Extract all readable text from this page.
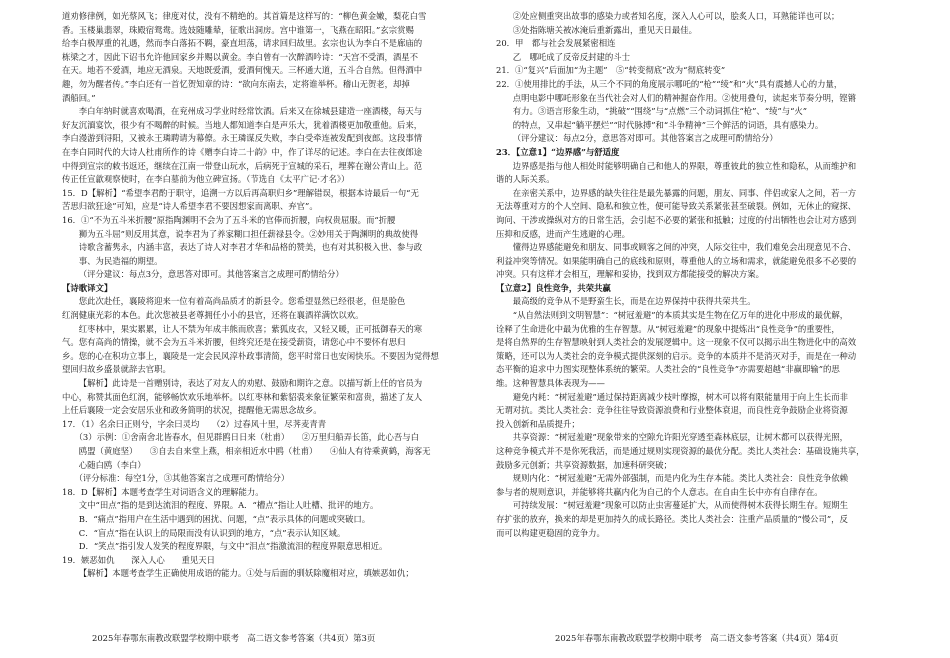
道劝修律例，如光蔡风飞；律度对仗，没有不精绝的。其首篇是这样写的：“柳色黄金嫩，梨花白雪

香。玉楼巢翡翠，珠殿宿鸳鸯。选妓随雕辇，征歌出洞房。宫中谁第一，飞燕在昭阳。”玄宗赏赐

给李白极厚重的礼遇，然而李白落拓不羁，豪直坦荡，请求回归故里。玄宗也认为李白不是廊庙的

栋梁之才，因此下诏书允许他回家乡并赐以黄金。李白曾有一次醉酒吟诗：“天宫不受酒，酒星不

在天。地若不爱酒，地应无酒泉。天地既爱酒，爱酒何愧天。三杯通大道，五斗合自然。但得酒中

趣，勿为醒者传。”李白还有一首忆贺知章的诗：“欲向东南去，定将谁举杯。稽山无贺老，却掉

酒船回。”

李白年纳时就喜欢喝酒，在兖州成习学业时经常饮酒。后来又在徐城县建造一座酒楼，每天与

好友沉湎宴饮，很少有不喝醉的时候。当地人都知道李白是声乐大，犹着酒楼更加敬重他。后来，

李白漫游到浔阳，又被永王璘聘请为幕僚。永王璘谋反失败，李白受牵连被发配到夜郎。这段事情

在李白同时代的大诗人杜甫所作的诗《赠李白诗二十韵》中，作了详尽的记述。李白在去往夜郎途

中得到宣宗的敕书返还，继续在江南一带登山玩水，后病死于宣城的采石，埋葬在谢公青山上。范

传正任宣歙观察使时，在李白墓前为他立碑宣扬。（节选自《太平广记·才名》）

15．D【解析】“希望李君酌于职守，追溯一方以后再高职归乡”理解错误，根据本诗最后一句“无

苦思归欲狂途”可知，应是“诗人希望李君不要因想家而离职、弃官”。

16．①“不为五斗米折腰”原指陶渊明不会为了五斗米的官俸而折腰，向权贵屈服。而“折腰

狮为五斗屈”则反用其意，说李君为了养家糊口担任薪禄县令。②妙用关于陶渊明的典故使得

诗歌含蓄隽永，内涵丰富，表达了诗人对李君才华和品格的赞美，也有对其积极入世、参与政

事、为民造福的期望。

（评分建议：每点3分，意思答对即可。其他答案言之成理可酌情给分）

【诗歌译文】

您此次赴任，襄陵将迎来一位有着高尚品质才的新县令。您希望显然已经很老，但是脸色

红润健康光彩的本色。此次您被县老尊拥任小小的县官，还将在襄酒祥满饮以欢。

红枣林中，果实累累，让人不禁为年成丰熊而欣喜；紫狐皮衣，又轻又暖，正可抵御春天的寒

气。您有高尚的情操，就不会为五斗米折腰，但终究还是在接受薪资，请您心中不要怀有思归

乡。您的心在积功立事上，襄陵是一定会民风淳朴政事清简，您平时常日也安闲快乐。不要因为觉得想

望回归故乡盛景就辞去官职。

【解析】此诗是一首赠别诗，表达了对友人的劝慰、鼓励和期许之意。以描写新上任的官员为

中心，称赞其面色红润，能够畅饮欢乐地举杯。以红枣林和紫貂裘来象征繁荣和富贵，描述了友人

上任后襄陵一定会安居乐业和政务简明的状况，提醒他无需思念故乡。

17．（1）名余曰正则兮，字余曰灵均　　（2）过春风十里，尽荠麦青青

　　（3）示例：①舍南舍北皆春水，但见群鸥日日来（杜甫）　　②万里归船弄长笛，此心吾与白

　　鸥盟（黄庭坚）　　③自去自来堂上燕，相亲相近水中鸥（杜甫）　　④仙人有待乘黄鹤，海客无

　　心随白鸥（李白）

　　（评分标准：每空1分，③其他答案言之成理可酌情给分）

18．D【解析】本题考查学生对词语含义的理解能力。

文中“田点”指的是到达流泪的程度、界限。A．“槽点”指让人吐槽、批评的地方。

B．“痛点”指用户在生活中遇到的困扰、问题，“点”表示具体的问题或突破口。

C．“盲点”指在认识上的局限而没有认识到的地方，“点”表示认知区域。

D．“笑点”指引发人发笑的程度界限，与文中“泪点”指激流泪的程度界限意思相近。

19．嫉恶如仇　　深入人心　　重见天日

【解析】本题考查学生正确使用成语的能力。①处与后面的驯妖除魔相对应，填嫉恶如仇；

2025年春鄂东南教改联盟学校期中联考　高二语文参考答案（共4页）第3页

②处应侧重突出故事的感染力或者知名度，深入人心可以，脍炙人口，耳熟能详也可以；

③处指陈塘关被冰淹后重新露出，重见天日最佳。

20．甲　都与社会发展紧密相连

乙　哪吒成了反帝反封建的斗士

21．①“复兴”后面加“为主题”　⑤“转变彻底”改为“彻底转变”

22．①使用排比的手法，从三个不同的角度展示哪吒的“枪”“绫”和“火”具有震撼人心的力量，

点明电影中哪吒形象在当代社会对人们的精神握奋作用。②使用叠句，读起来节奏分明，铿锵

有力。③语言形象生动，“挑破”“围绕”与“点燃”三个动词抓住“枪”、“绫”与“火”

的特点，又串起“躺平摆烂”“时代脉搏”和“斗争精神”三个鲜活的词语，具有感染力。

（评分建议：每点2分，意思答对即可。其他答案言之成理可酌情给分）

23．【立意1】“边界感”与舒适度

边界感是指与他人相处时能够明确自己和他人的界限，尊重彼此的独立性和隐私，从而维护和

谐的人际关系。

在亲密关系中，边界感的缺失往往是最先暴露的问题，朋友、同事、伴侣或家人之间，若一方

无法尊重对方的个人空间、隐私和独立性，便可能导致关系紧张甚至破裂。例如，无休止的窥探、

询问、干涉或操纵对方的日常生活，会引起不必要的紧张和抵触；过度的付出牺牲也会让对方感到

压抑和反感，进而产生逃避的心理。

懂得边界感能避免和朋友、同事或顾客之间的冲突，人际交往中，我们难免会出现意见不合、

利益冲突等情况。如果能明确自己的底线和原则，尊重他人的立场和需求，就能避免很多不必要的

冲突。只有这样才会相互，理解和妥协，找到双方都能接受的解决方案。

【立意2】良性竞争，共荣共赢

最高级的竞争从不是野蛮生长，而是在边界保持中获得共荣共生。

“从自然法则到文明智慧”：“树冠羞避”的本质其实是生物在亿万年的进化中形成的最优解，

诠释了生命进化中最为优雅的生存智慧。从“树冠羞避”的现象中提炼出“良性竞争”的重要性，

是将自然界的生存智慧映射到人类社会的发展逻辑中。这一现象不仅可以揭示出生物进化中的高效

策略，还可以为人类社会的竞争模式提供深刻的启示。竞争的本质并不是消灭对手，而是在一种动

态平衡的追求中力图实现整体系统的繁荣。人类社会的“良性竞争”亦需要超越“非赢即输”的思

维。这种智慧具体表现为——

避免内耗：“树冠羞避”通过保持距离减少枝叶摩擦，树木可以将有限能量用于向上生长而非

无谓对抗。类比人类社会：竞争往往导致资源浪费和行业整体衰退，而良性竞争鼓励企业将资源

投入创新和品质提升；

共享资源：“树冠羞避”现象带来的空隙允许阳光穿透至森林底层，让树木都可以获得光照，

这种竞争模式并不是你死我活，而是通过规则实现资源的最优分配。类比人类社会：基础设施共享，

鼓励多元创新；共享资源数据，加速科研突破；

规则内化：“树冠羞避”无需外部强制，而是内化为生存本能。类比人类社会：良性竞争依赖

参与者的规则意识，并能够将共赢内化为自己的个人意志。在自由生长中亦有自律存在。

可持续发展：“树冠羞避”现象可以防止虫害蔓延扩大，从而使得树木获得长期生存。短期生

存扩张的放弃，换来的却是更加持久的成长路径。类比人类社会：注重产品质量的“慢公司”，反

而可以构建更稳固的竞争力。

2025年春鄂东南教改联盟学校期中联考　高二语文参考答案（共4页）第4页
